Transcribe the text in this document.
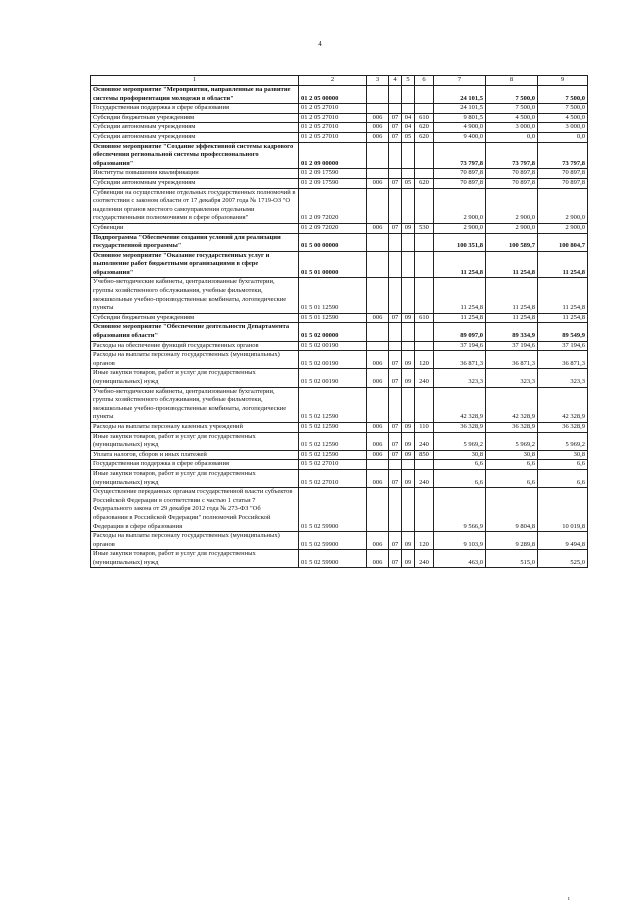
4
1	2	3	4	5	6	7	8	9
Основное мероприятие "Мероприятия, направленные на развитие системы профориентации молодежи в области"	01 2 05 00000					24 101,5	7 500,0	7 500,0
Государственная поддержка в сфере образования	01 2 05 27010					24 101,5	7 500,0	7 500,0
Субсидии бюджетным учреждениям	01 2 05 27010	006	07	04	610	9 801,5	4 500,0	4 500,0
Субсидии автономным учреждениям	01 2 05 27010	006	07	04	620	4 900,0	3 000,0	3 000,0
Субсидии автономным учреждениям	01 2 05 27010	006	07	05	620	9 400,0	0,0	0,0
Основное мероприятие "Создание эффективной системы кадрового обеспечения региональной системы профессионального образования"	01 2 09 00000					73 797,8	73 797,8	73 797,8
Институты повышения квалификации	01 2 09 17590					70 897,8	70 897,8	70 897,8
Субсидии автономным учреждениям	01 2 09 17590	006	07	05	620	70 897,8	70 897,8	70 897,8
Субвенции на осуществление отдельных государственных полномочий в соответствии с законом области от 17 декабря 2007 года № 1719-ОЗ "О наделении органов местного самоуправления отдельными государственными полномочиями в сфере образования"	01 2 09 72020					2 900,0	2 900,0	2 900,0
Субвенции	01 2 09 72020	006	07	09	530	2 900,0	2 900,0	2 900,0
Подпрограмма "Обеспечение создания условий для реализации государственной программы"	01 5 00 00000					100 351,8	100 589,7	100 804,7
Основное мероприятие "Оказание государственных услуг и выполнение работ бюджетными организациями в сфере образования"	01 5 01 00000					11 254,8	11 254,8	11 254,8
Учебно-методические кабинеты, централизованные бухгалтерии, группы хозяйственного обслуживания, учебные фильмотеки, межшкольные учебно-производственные комбинаты, логопедические пункты	01 5 01 12590					11 254,8	11 254,8	11 254,8
Субсидии бюджетным учреждениям	01 5 01 12590	006	07	09	610	11 254,8	11 254,8	11 254,8
Основное мероприятие "Обеспечение деятельности Департамента образования области"	01 5 02 00000					89 097,0	89 334,9	89 549,9
Расходы на обеспечение функций государственных органов	01 5 02 00190					37 194,6	37 194,6	37 194,6
Расходы на выплаты персоналу государственных (муниципальных) органов	01 5 02 00190	006	07	09	120	36 871,3	36 871,3	36 871,3
Иные закупки товаров, работ и услуг для государственных (муниципальных) нужд	01 5 02 00190	006	07	09	240	323,3	323,3	323,3
Учебно-методические кабинеты, централизованные бухгалтерии, группы хозяйственного обслуживания, учебные фильмотеки, межшкольные учебно-производственные комбинаты, логопедические пункты	01 5 02 12590					42 328,9	42 328,9	42 328,9
Расходы на выплаты персоналу казенных учреждений	01 5 02 12590	006	07	09	110	36 328,9	36 328,9	36 328,9
Иные закупки товаров, работ и услуг для государственных (муниципальных) нужд	01 5 02 12590	006	07	09	240	5 969,2	5 969,2	5 969,2
Уплата налогов, сборов и иных платежей	01 5 02 12590	006	07	09	850	30,8	30,8	30,8
Государственная поддержка в сфере образования	01 5 02 27010					6,6	6,6	6,6
Иные закупки товаров, работ и услуг для государственных (муниципальных) нужд	01 5 02 27010	006	07	09	240	6,6	6,6	6,6
Осуществление переданных органам государственной власти субъектов Российской Федерации в соответствии с частью 1 статьи 7 Федерального закона от 29 декабря 2012 года № 273-ФЗ "Об образовании в Российской Федерации" полномочий Российской Федерации в сфере образования	01 5 02 59900					9 566,9	9 804,8	10 019,8
Расходы на выплаты персоналу государственных (муниципальных) органов	01 5 02 59900	006	07	09	120	9 103,9	9 289,8	9 494,8
Иные закупки товаров, работ и услуг для государственных (муниципальных) нужд	01 5 02 59900	006	07	09	240	463,0	515,0	525,0
ı
